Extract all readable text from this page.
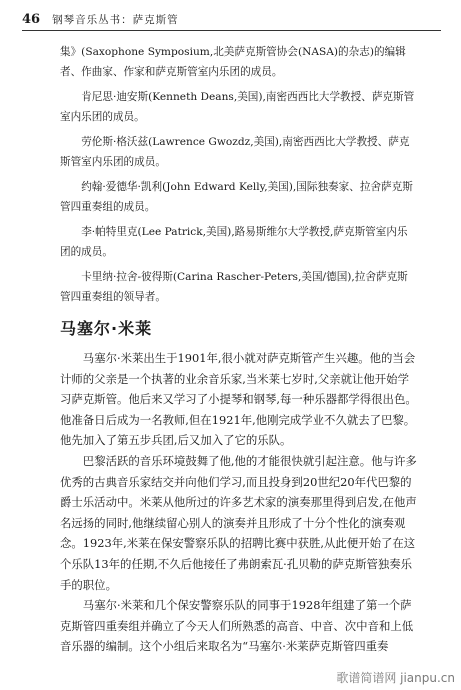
46 钢琴音乐丛书：萨克斯管

集》(Saxophone Symposium,北美萨克斯管协会(NASA)的杂志)的编辑者、作曲家、作家和萨克斯管室内乐团的成员。

肯尼思·迪安斯(Kenneth Deans,美国),南密西西比大学教授、萨克斯管室内乐团的成员。

劳伦斯·格沃兹(Lawrence Gwozdz,美国),南密西西比大学教授、萨克斯管室内乐团的成员。

约翰·爱德华·凯利(John Edward Kelly,美国),国际独奏家、拉舍萨克斯管四重奏组的成员。

李·帕特里克(Lee Patrick,美国),路易斯维尔大学教授,萨克斯管室内乐团的成员。

卡里纳·拉舍-彼得斯(Carina Rascher-Peters,美国/德国),拉舍萨克斯管四重奏组的领导者。

马塞尔·米莱

马塞尔·米莱出生于1901年,很小就对萨克斯管产生兴趣。他的当会计师的父亲是一个执著的业余音乐家,当米莱七岁时,父亲就让他开始学习萨克斯管。他后来又学习了小提琴和钢琴,每一种乐器都学得很出色。他准备日后成为一名教师,但在1921年,他刚完成学业不久就去了巴黎。他先加入了第五步兵团,后又加入了它的乐队。

巴黎活跃的音乐环境鼓舞了他,他的才能很快就引起注意。他与许多优秀的古典音乐家结交并向他们学习,而且投身到20世纪20年代巴黎的爵士乐活动中。米莱从他所过的许多艺术家的演奏那里得到启发,在他声名远扬的同时,他继续留心别人的演奏并且形成了十分个性化的演奏观念。1923年,米莱在保安警察乐队的招聘比赛中获胜,从此便开始了在这个乐队13年的任期,不久后他接任了弗朗索瓦·孔贝勒的萨克斯管独奏乐手的职位。

马塞尔·米莱和几个保安警察乐队的同事于1928年组建了第一个萨克斯管四重奏组并确立了今天人们所熟悉的高音、中音、次中音和上低音乐器的编制。这个小组后来取名为“马塞尔·米莱萨克斯管四重奏

歌谱简谱网 jianpu.cn
